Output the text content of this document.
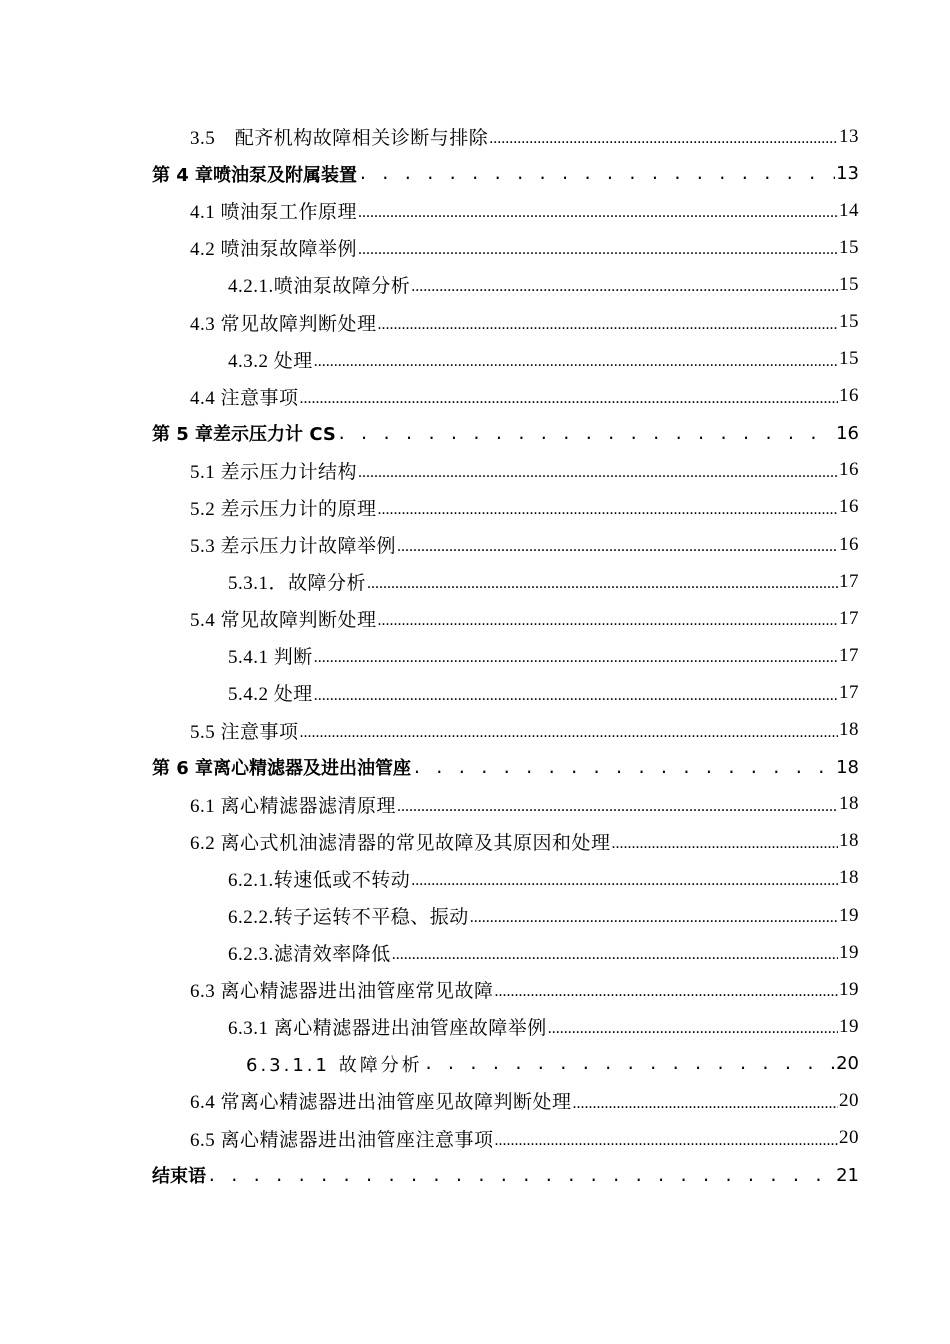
3.5　配齐机构故障相关诊断与排除 .....	13
第 4 章喷油泵及附属装置 . . .	13
4.1 喷油泵工作原理 .....	14
4.2 喷油泵故障举例 .....	15
4.2.1.喷油泵故障分析 .....	15
4.3 常见故障判断处理 .....	15
4.3.2 处理 .....	15
4.4 注意事项 .....	16
第 5 章差示压力计 CS . . .	16
5.1 差示压力计结构 .....	16
5.2 差示压力计的原理 .....	16
5.3 差示压力计故障举例 .....	16
5.3.1．故障分析 .....	17
5.4 常见故障判断处理 .....	17
5.4.1 判断 .....	17
5.4.2 处理 .....	17
5.5 注意事项 .....	18
第 6 章离心精滤器及进出油管座 . . .	18
6.1 离心精滤器滤清原理 .....	18
6.2 离心式机油滤清器的常见故障及其原因和处理 .....	18
6.2.1.转速低或不转动 .....	18
6.2.2.转子运转不平稳、振动 .....	19
6.2.3.滤清效率降低 .....	19
6.3 离心精滤器进出油管座常见故障 .....	19
6.3.1 离心精滤器进出油管座故障举例 .....	19
6.3.1.1 故障分析 . . .	20
6.4 常离心精滤器进出油管座见故障判断处理 .....	20
6.5 离心精滤器进出油管座注意事项 .....	20
结束语 . . .	21
